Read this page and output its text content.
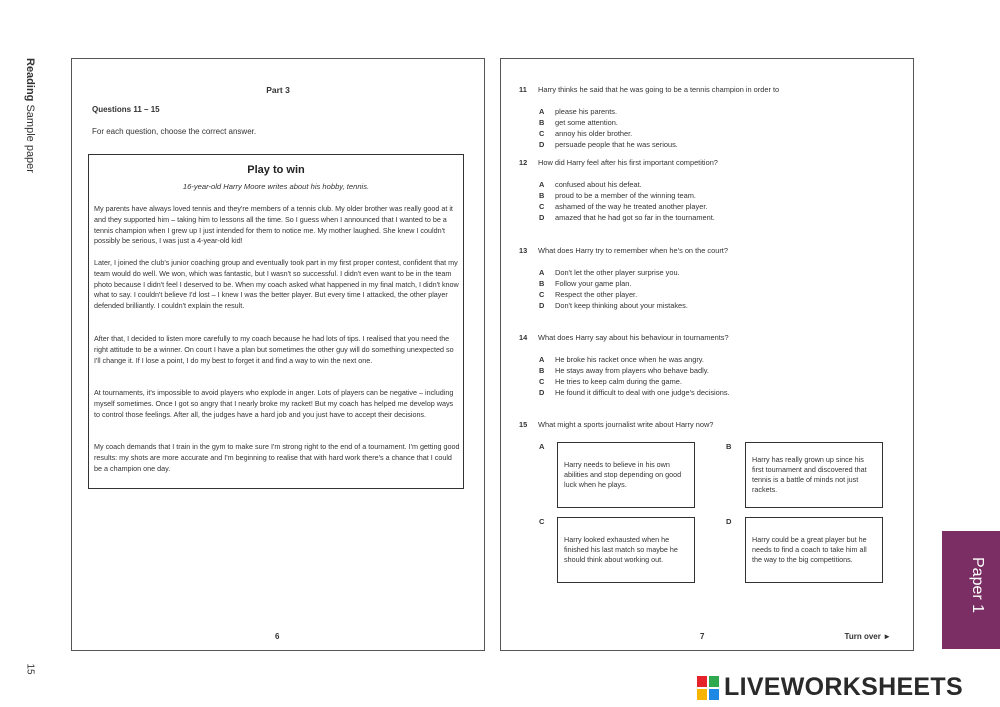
Reading Sample paper
15
Part 3
Questions 11 – 15
For each question, choose the correct answer.
Play to win
16-year-old Harry Moore writes about his hobby, tennis.
My parents have always loved tennis and they're members of a tennis club. My older brother was really good at it and they supported him – taking him to lessons all the time. So I guess when I announced that I wanted to be a tennis champion when I grew up I just intended for them to notice me. My mother laughed. She knew I couldn't possibly be serious, I was just a 4-year-old kid!
Later, I joined the club's junior coaching group and eventually took part in my first proper contest, confident that my team would do well. We won, which was fantastic, but I wasn't so successful. I didn't even want to be in the team photo because I didn't feel I deserved to be. When my coach asked what happened in my final match, I didn't know what to say. I couldn't believe I'd lost – I knew I was the better player. But every time I attacked, the other player defended brilliantly. I couldn't explain the result.
After that, I decided to listen more carefully to my coach because he had lots of tips. I realised that you need the right attitude to be a winner. On court I have a plan but sometimes the other guy will do something unexpected so I'll change it. If I lose a point, I do my best to forget it and find a way to win the next one.
At tournaments, it's impossible to avoid players who explode in anger. Lots of players can be negative – including myself sometimes. Once I got so angry that I nearly broke my racket! But my coach has helped me develop ways to control those feelings. After all, the judges have a hard job and you just have to accept their decisions.
My coach demands that I train in the gym to make sure I'm strong right to the end of a tournament. I'm getting good results: my shots are more accurate and I'm beginning to realise that with hard work there's a chance that I could be a champion one day.
6
11 Harry thinks he said that he was going to be a tennis champion in order to
A please his parents.
B get some attention.
C annoy his older brother.
D persuade people that he was serious.
12 How did Harry feel after his first important competition?
A confused about his defeat.
B proud to be a member of the winning team.
C ashamed of the way he treated another player.
D amazed that he had got so far in the tournament.
13 What does Harry try to remember when he's on the court?
A Don't let the other player surprise you.
B Follow your game plan.
C Respect the other player.
D Don't keep thinking about your mistakes.
14 What does Harry say about his behaviour in tournaments?
A He broke his racket once when he was angry.
B He stays away from players who behave badly.
C He tries to keep calm during the game.
D He found it difficult to deal with one judge's decisions.
15 What might a sports journalist write about Harry now?
A
Harry needs to believe in his own abilities and stop depending on good luck when he plays.
B
Harry has really grown up since his first tournament and discovered that tennis is a battle of minds not just rackets.
C
Harry looked exhausted when he finished his last match so maybe he should think about working out.
D
Harry could be a great player but he needs to find a coach to take him all the way to the big competitions.
7	Turn over ►
Paper 1
LIVEWORKSHEETS
